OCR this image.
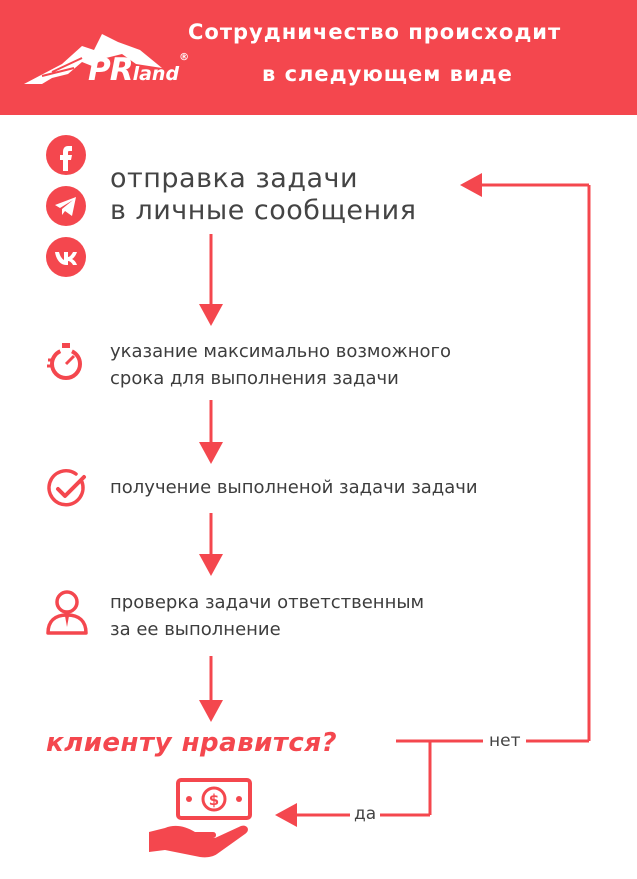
PRland®
Сотрудничество происходит
в следующем виде
отправка задачи
в личные сообщения
указание максимально возможного
срока для выполнения задачи
получение выполненой задачи задачи
проверка задачи ответственным
за ее выполнение
клиенту нравится?	нет
да
$
